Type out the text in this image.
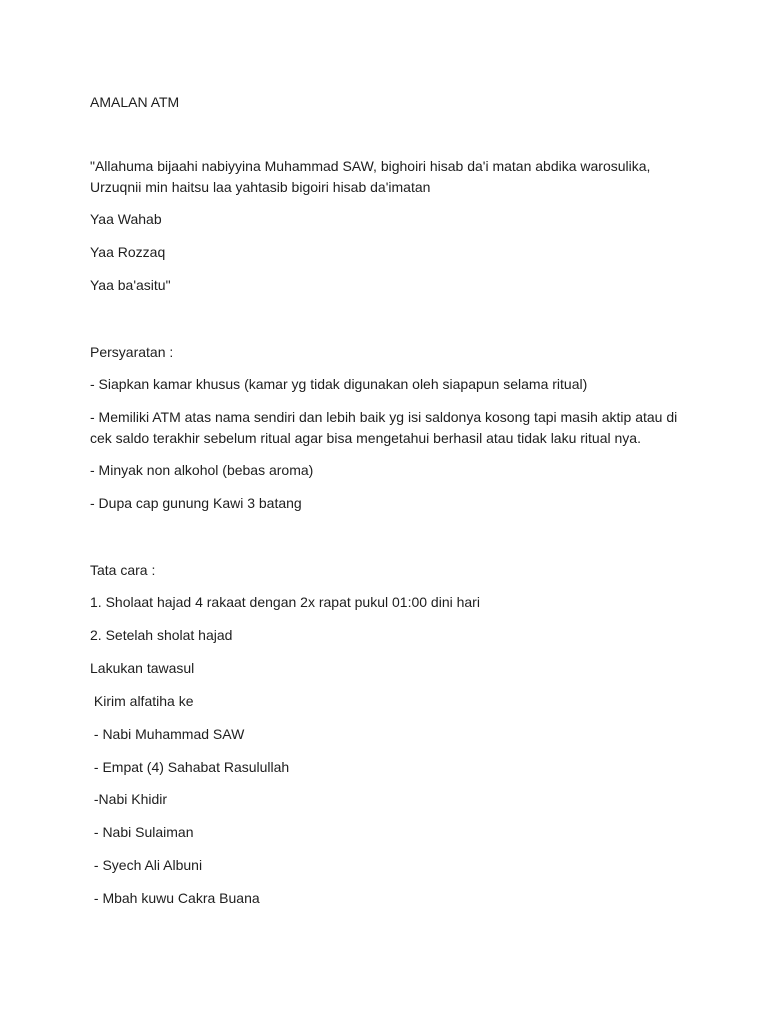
AMALAN ATM
"Allahuma bijaahi nabiyyina Muhammad SAW, bighoiri hisab da'i matan abdika warosulika, Urzuqnii min haitsu laa yahtasib bigoiri hisab da'imatan
Yaa Wahab
Yaa Rozzaq
Yaa ba'asitu"
Persyaratan :
- Siapkan kamar khusus (kamar yg tidak digunakan oleh siapapun selama ritual)
- Memiliki ATM atas nama sendiri dan lebih baik yg isi saldonya kosong tapi masih aktip atau di cek saldo terakhir sebelum ritual agar bisa mengetahui berhasil atau tidak laku ritual nya.
- Minyak non alkohol (bebas aroma)
- Dupa cap gunung Kawi 3 batang
Tata cara :
1. Sholaat hajad 4 rakaat dengan 2x rapat pukul 01:00 dini hari
2. Setelah sholat hajad
Lakukan tawasul
Kirim alfatiha ke
- Nabi Muhammad SAW
- Empat (4) Sahabat Rasulullah
-Nabi Khidir
- Nabi Sulaiman
- Syech Ali Albuni
- Mbah kuwu Cakra Buana
